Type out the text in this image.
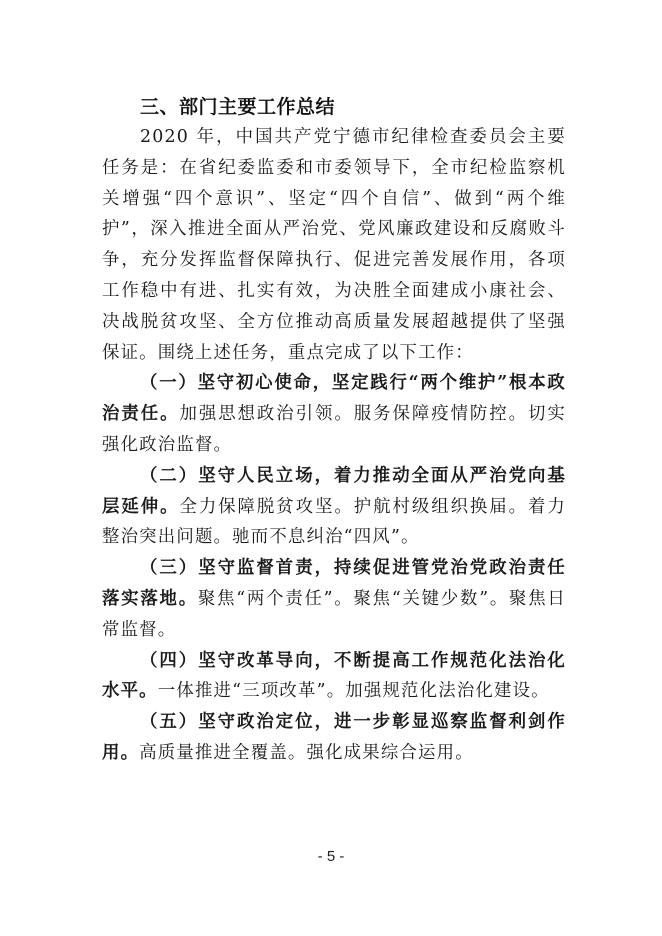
三、部门主要工作总结

2020 年，中国共产党宁德市纪律检查委员会主要任务是：在省纪委监委和市委领导下，全市纪检监察机关增强“四个意识”、坚定“四个自信”、做到“两个维护”，深入推进全面从严治党、党风廉政建设和反腐败斗争，充分发挥监督保障执行、促进完善发展作用，各项工作稳中有进、扎实有效，为决胜全面建成小康社会、决战脱贫攻坚、全方位推动高质量发展超越提供了坚强保证。围绕上述任务，重点完成了以下工作：

（一）坚守初心使命，坚定践行“两个维护”根本政治责任。加强思想政治引领。服务保障疫情防控。切实强化政治监督。

（二）坚守人民立场，着力推动全面从严治党向基层延伸。全力保障脱贫攻坚。护航村级组织换届。着力整治突出问题。驰而不息纠治“四风”。

（三）坚守监督首责，持续促进管党治党政治责任落实落地。聚焦“两个责任”。聚焦“关键少数”。聚焦日常监督。

（四）坚守改革导向，不断提高工作规范化法治化水平。一体推进“三项改革”。加强规范化法治化建设。

（五）坚守政治定位，进一步彰显巡察监督利剑作用。高质量推进全覆盖。强化成果综合运用。

- 5 -
